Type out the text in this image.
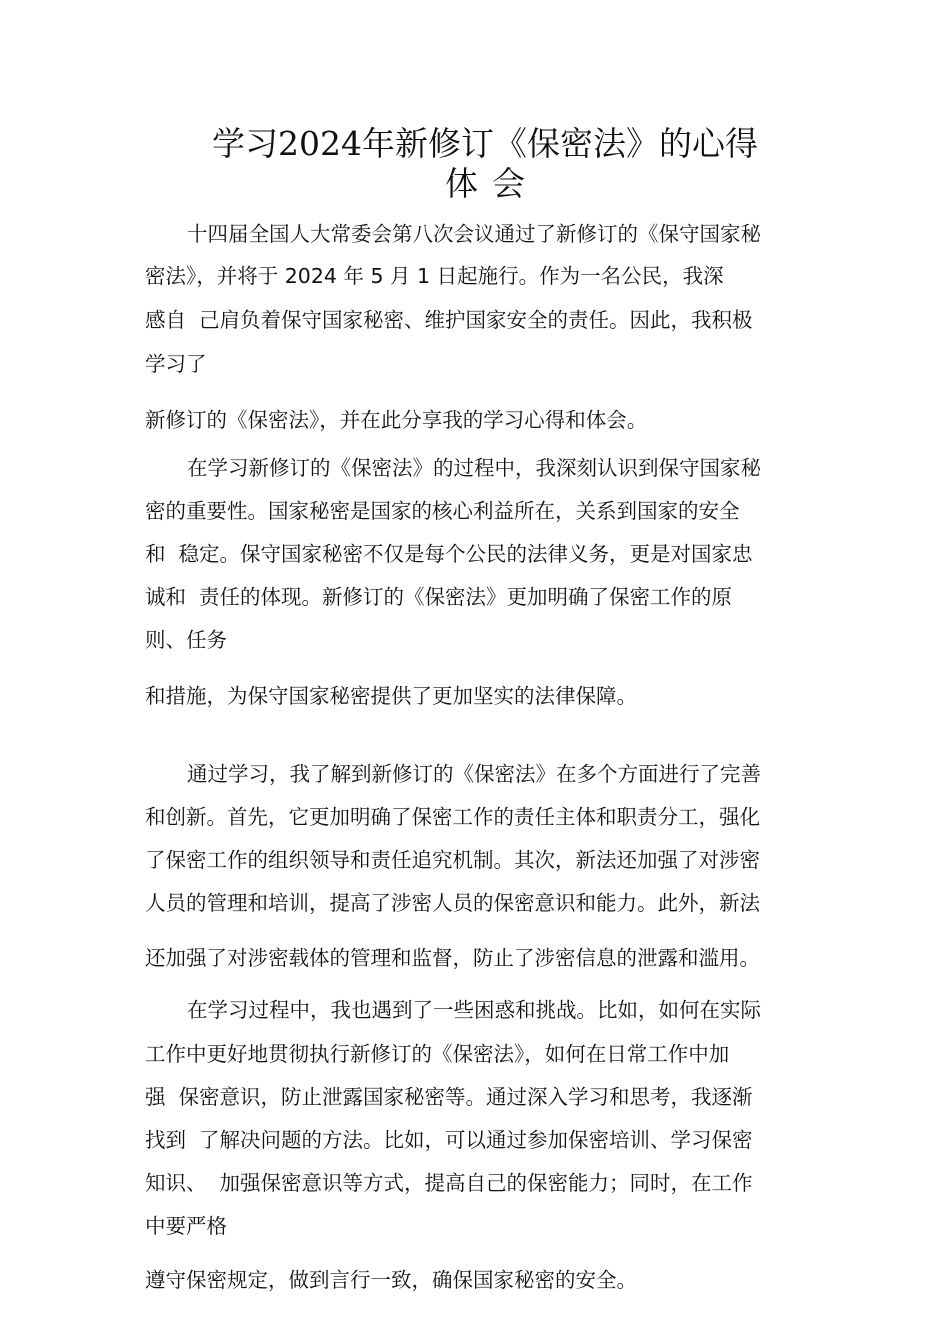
学习2024年新修订《保密法》的心得
体会
十四届全国人大常委会第八次会议通过了新修订的《保守国家秘
密法》，并将于 2024 年 5 月 1 日起施行。作为一名公民，我深
感自  己肩负着保守国家秘密、维护国家安全的责任。因此，我积极
学习了
新修订的《保密法》，并在此分享我的学习心得和体会。
在学习新修订的《保密法》的过程中，我深刻认识到保守国家秘
密的重要性。国家秘密是国家的核心利益所在，关系到国家的安全
和  稳定。保守国家秘密不仅是每个公民的法律义务，更是对国家忠
诚和  责任的体现。新修订的《保密法》更加明确了保密工作的原
则、任务
和措施，为保守国家秘密提供了更加坚实的法律保障。
通过学习，我了解到新修订的《保密法》在多个方面进行了完善
和创新。首先，它更加明确了保密工作的责任主体和职责分工，强化
了保密工作的组织领导和责任追究机制。其次，新法还加强了对涉密
人员的管理和培训，提高了涉密人员的保密意识和能力。此外，新法
还加强了对涉密载体的管理和监督，防止了涉密信息的泄露和滥用。
在学习过程中，我也遇到了一些困惑和挑战。比如，如何在实际
工作中更好地贯彻执行新修订的《保密法》，如何在日常工作中加
强  保密意识，防止泄露国家秘密等。通过深入学习和思考，我逐渐
找到  了解决问题的方法。比如，可以通过参加保密培训、学习保密
知识、  加强保密意识等方式，提高自己的保密能力；同时，在工作
中要严格
遵守保密规定，做到言行一致，确保国家秘密的安全。
